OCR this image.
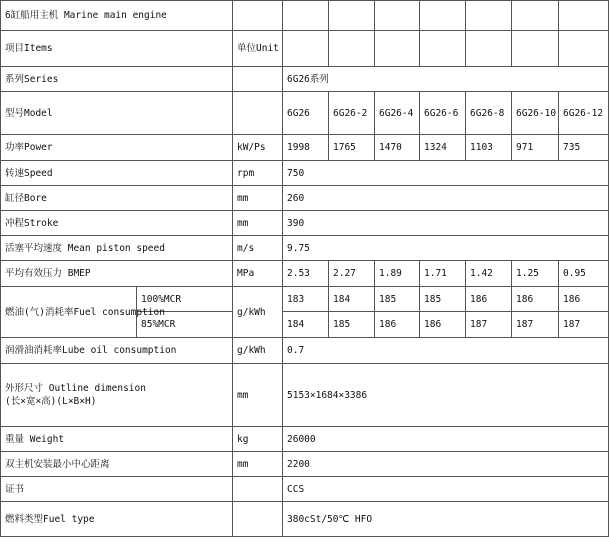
6缸船用主机 Marine main engine									
项目Items		单位Unit							
系列Series			6G26系列						
型号Model			6G26	6G26-2	6G26-4	6G26-6	6G26-8	6G26-10	6G26-12
功率Power		kW/Ps	1998	1765	1470	1324	1103	971	735
转速Speed		rpm	750						
缸径Bore		mm	260						
冲程Stroke		mm	390						
活塞平均速度 Mean piston speed		m/s	9.75						
平均有效压力 BMEP		MPa	2.53	2.27	1.89	1.71	1.42	1.25	0.95
燃油(气)消耗率Fuel consumption	100%MCR	g/kWh	183	184	185	185	186	186	186
	85%MCR		184	185	186	186	187	187	187
润滑油消耗率Lube oil consumption		g/kWh	0.7						

外形尺寸 Outline dimension
(长×宽×高)(L×B×H)		mm	5153×1684×3386						
重量 Weight		kg	26000						
双主机安装最小中心距离		mm	2200						
证书			CCS						
燃料类型Fuel type			380cSt/50℃ HFO						
